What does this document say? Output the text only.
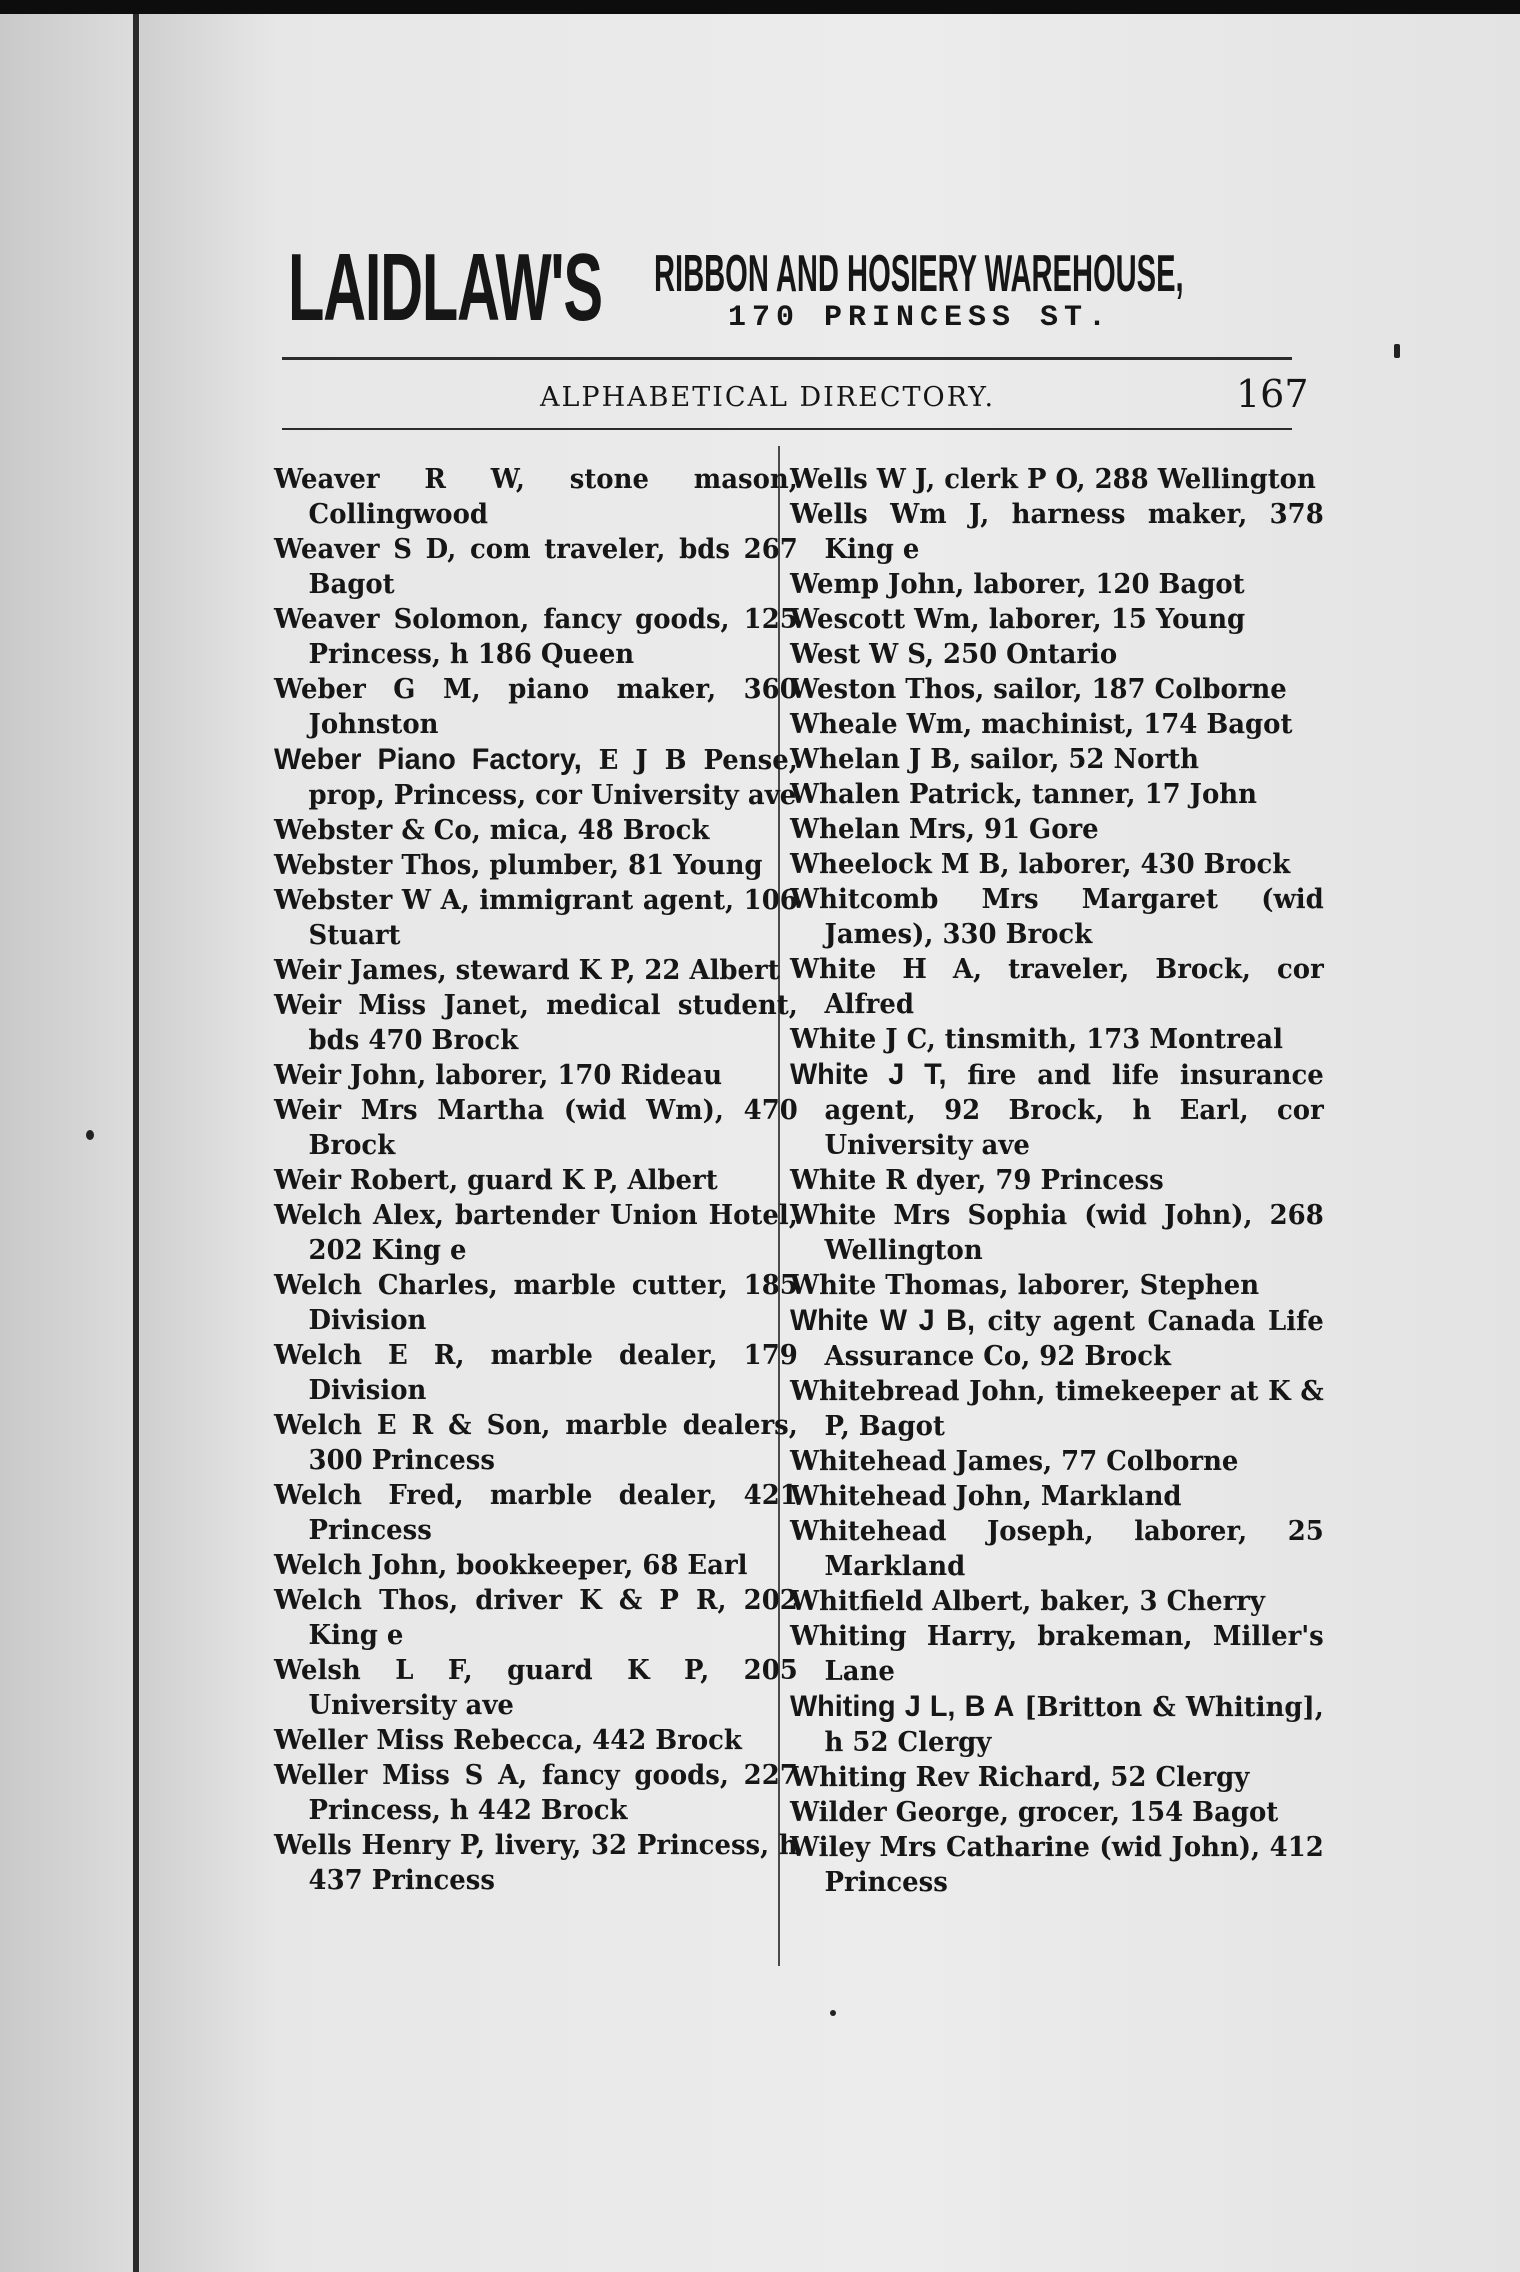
LAIDLAW'S RIBBON AND HOSIERY WAREHOUSE,
170 PRINCESS ST.
ALPHABETICAL DIRECTORY.	167
Weaver R W, stone mason, Collingwood
Weaver S D, com traveler, bds 267 Bagot
Weaver Solomon, fancy goods, 125 Princess, h 186 Queen
Weber G M, piano maker, 360 Johnston
Weber Piano Factory, E J B Pense, prop, Princess, cor University ave
Webster & Co, mica, 48 Brock
Webster Thos, plumber, 81 Young
Webster W A, immigrant agent, 106 Stuart
Weir James, steward K P, 22 Albert
Weir Miss Janet, medical student, bds 470 Brock
Weir John, laborer, 170 Rideau
Weir Mrs Martha (wid Wm), 470 Brock
Weir Robert, guard K P, Albert
Welch Alex, bartender Union Hotel, 202 King e
Welch Charles, marble cutter, 185 Division
Welch E R, marble dealer, 179 Division
Welch E R & Son, marble dealers, 300 Princess
Welch Fred, marble dealer, 421 Princess
Welch John, bookkeeper, 68 Earl
Welch Thos, driver K & P R, 202 King e
Welsh L F, guard K P, 205 University ave
Weller Miss Rebecca, 442 Brock
Weller Miss S A, fancy goods, 227 Princess, h 442 Brock
Wells Henry P, livery, 32 Princess, h 437 Princess
Wells W J, clerk P O, 288 Wellington
Wells Wm J, harness maker, 378 King e
Wemp John, laborer, 120 Bagot
Wescott Wm, laborer, 15 Young
West W S, 250 Ontario
Weston Thos, sailor, 187 Colborne
Wheale Wm, machinist, 174 Bagot
Whelan J B, sailor, 52 North
Whalen Patrick, tanner, 17 John
Whelan Mrs, 91 Gore
Wheelock M B, laborer, 430 Brock
Whitcomb Mrs Margaret (wid James), 330 Brock
White H A, traveler, Brock, cor Alfred
White J C, tinsmith, 173 Montreal
White J T, fire and life insurance agent, 92 Brock, h Earl, cor University ave
White R dyer, 79 Princess
White Mrs Sophia (wid John), 268 Wellington
White Thomas, laborer, Stephen
White W J B, city agent Canada Life Assurance Co, 92 Brock
Whitebread John, timekeeper at K & P, Bagot
Whitehead James, 77 Colborne
Whitehead John, Markland
Whitehead Joseph, laborer, 25 Markland
Whitfield Albert, baker, 3 Cherry
Whiting Harry, brakeman, Miller's Lane
Whiting J L, B A [Britton & Whiting], h 52 Clergy
Whiting Rev Richard, 52 Clergy
Wilder George, grocer, 154 Bagot
Wiley Mrs Catharine (wid John), 412 Princess
